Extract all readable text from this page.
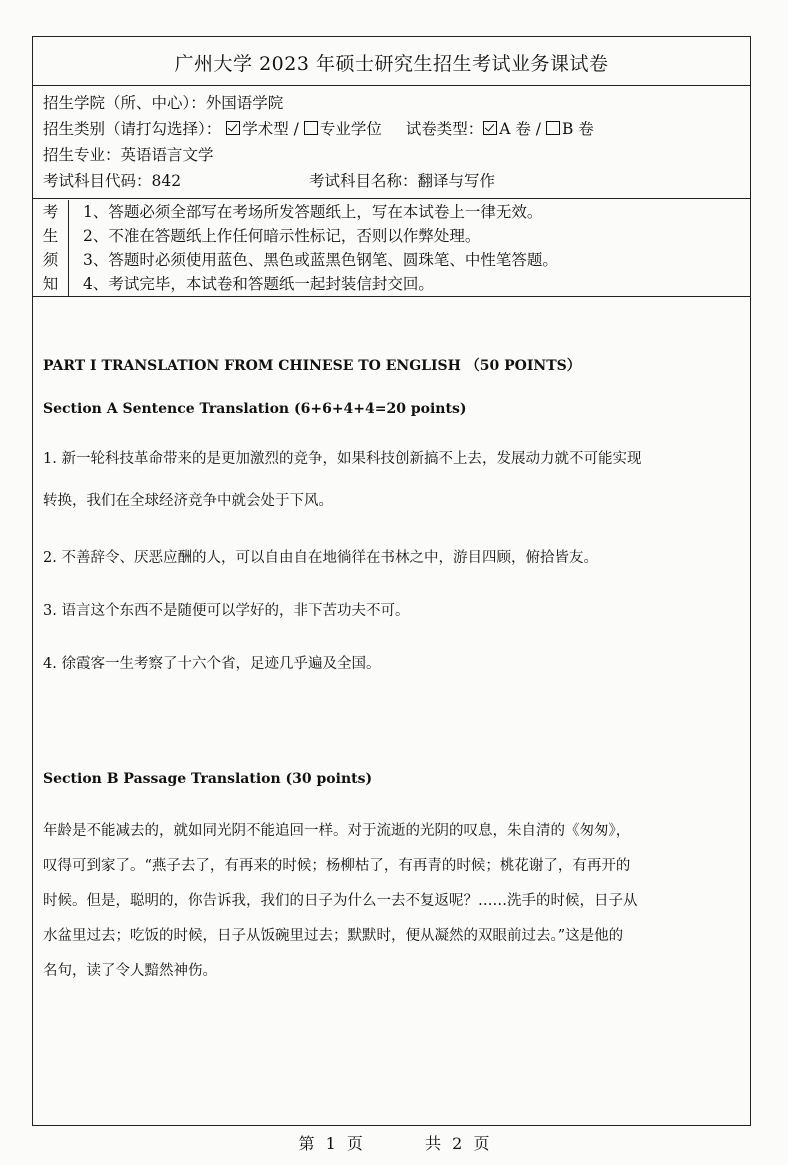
广州大学 2023 年硕士研究生招生考试业务课试卷
招生学院（所、中心）：外国语学院
招生类别（请打勾选择）： 学术型 / 专业学位 试卷类型： A 卷 / B 卷
招生专业：英语语言文学
考试科目代码：842	考试科目名称：翻译与写作
考
生
须
知
1、答题必须全部写在考场所发答题纸上，写在本试卷上一律无效。
2、不准在答题纸上作任何暗示性标记，否则以作弊处理。
3、答题时必须使用蓝色、黑色或蓝黑色钢笔、圆珠笔、中性笔答题。
4、考试完毕，本试卷和答题纸一起封装信封交回。
PART I TRANSLATION FROM CHINESE TO ENGLISH （50 POINTS）
Section A Sentence Translation (6+6+4+4=20 points)
1. 新一轮科技革命带来的是更加激烈的竞争，如果科技创新搞不上去，发展动力就不可能实现
转换，我们在全球经济竞争中就会处于下风。
2. 不善辞令、厌恶应酬的人，可以自由自在地徜徉在书林之中，游目四顾，俯拾皆友。
3. 语言这个东西不是随便可以学好的，非下苦功夫不可。
4. 徐霞客一生考察了十六个省，足迹几乎遍及全国。
Section B Passage Translation (30 points)
年龄是不能减去的，就如同光阴不能追回一样。对于流逝的光阴的叹息，朱自清的《匆匆》，
叹得可到家了。“燕子去了，有再来的时候；杨柳枯了，有再青的时候；桃花谢了，有再开的
时候。但是，聪明的，你告诉我，我们的日子为什么一去不复返呢？……洗手的时候，日子从
水盆里过去；吃饭的时候，日子从饭碗里过去；默默时，便从凝然的双眼前过去。”这是他的
名句，读了令人黯然神伤。
第 1 页	共 2 页
